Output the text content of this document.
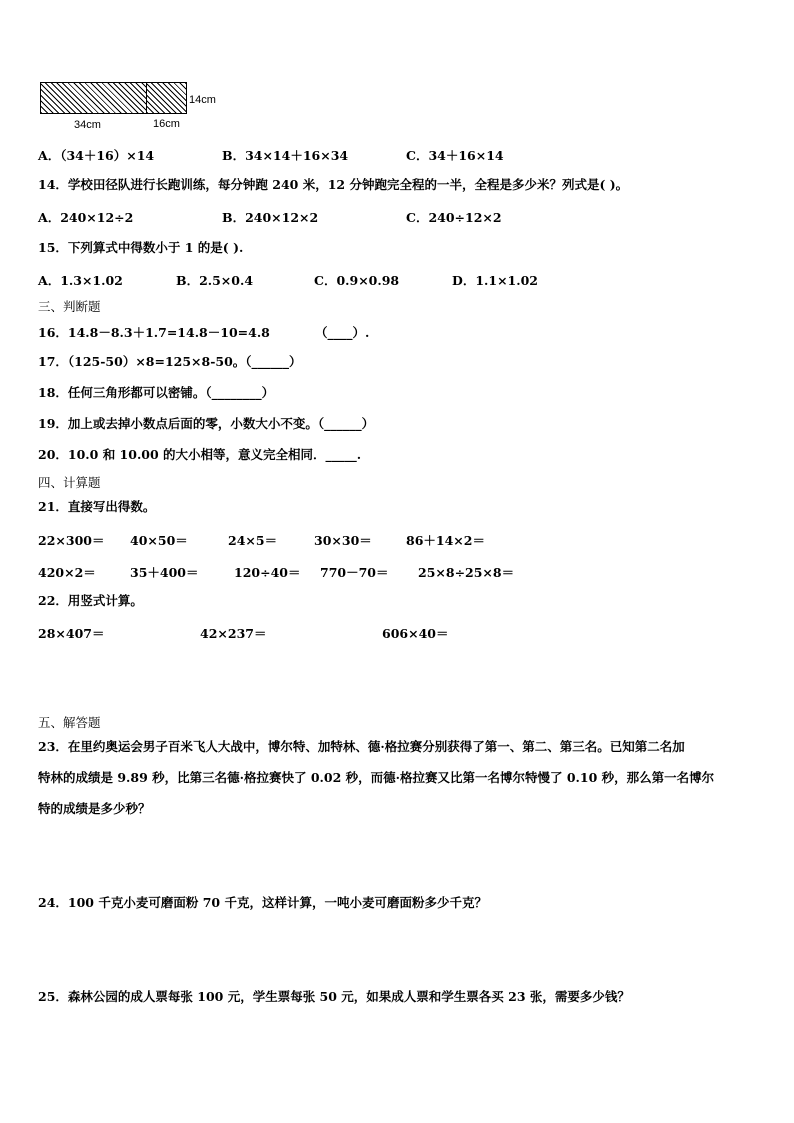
14cm
34cm	16cm
A．（34＋16）×14	B．34×14＋16×34	C．34＋16×14
14．学校田径队进行长跑训练，每分钟跑 240 米，12 分钟跑完全程的一半，全程是多少米？列式是( )。
A．240×12÷2	B．240×12×2	C．240÷12×2
15．下列算式中得数小于 1 的是( ).
A．1.3×1.02	B．2.5×0.4	C．0.9×0.98	D．1.1×1.02
三、判断题
16．14.8－8.3＋1.7=14.8－10=4.8	（____）.
17．（125-50）×8=125×8-50。（______）
18．任何三角形都可以密铺。（________）
19．加上或去掉小数点后面的零，小数大小不变。（______）
20．10.0 和 10.00 的大小相等，意义完全相同．_____.
四、计算题
21．直接写出得数。
22×300＝ 40×50＝	24×5＝	30×30＝	86＋14×2＝
420×2＝	35＋400＝	120÷40＝ 770－70＝ 25×8÷25×8＝
22．用竖式计算。
28×407＝	42×237＝	606×40＝
五、解答题
23．在里约奥运会男子百米飞人大战中，博尔特、加特林、德·格拉赛分别获得了第一、第二、第三名。已知第二名加
特林的成绩是 9.89 秒，比第三名德·格拉赛快了 0.02 秒，而德·格拉赛又比第一名博尔特慢了 0.10 秒，那么第一名博尔
特的成绩是多少秒？
24．100 千克小麦可磨面粉 70 千克，这样计算，一吨小麦可磨面粉多少千克？
25．森林公园的成人票每张 100 元，学生票每张 50 元，如果成人票和学生票各买 23 张，需要多少钱？
